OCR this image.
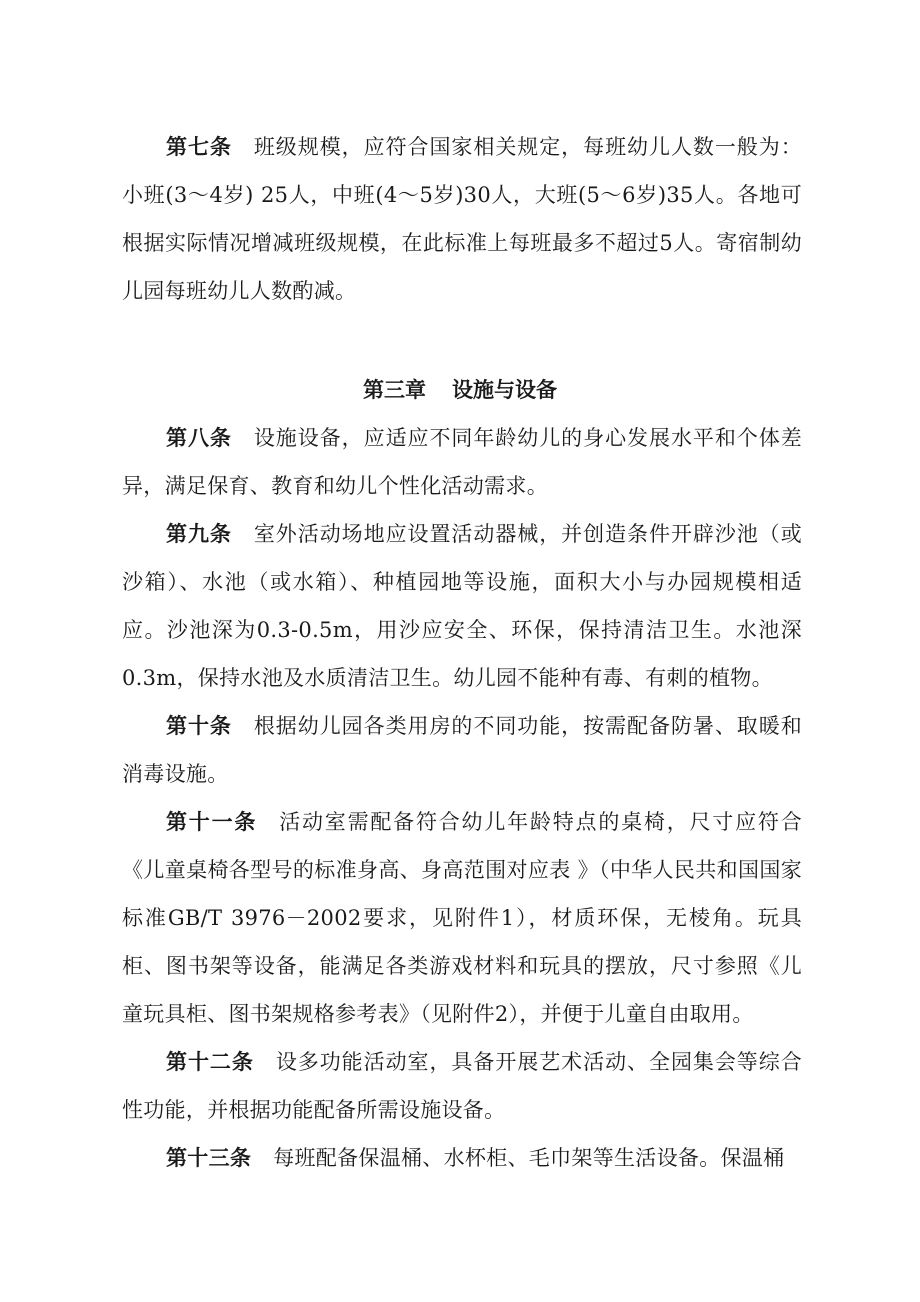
第七条 班级规模，应符合国家相关规定，每班幼儿人数一般为：小班(3～4岁) 25人，中班(4～5岁)30人，大班(5～6岁)35人。各地可根据实际情况增减班级规模，在此标准上每班最多不超过5人。寄宿制幼儿园每班幼儿人数酌减。

第三章 设施与设备

第八条 设施设备，应适应不同年龄幼儿的身心发展水平和个体差异，满足保育、教育和幼儿个性化活动需求。

第九条 室外活动场地应设置活动器械，并创造条件开辟沙池（或沙箱）、水池（或水箱）、种植园地等设施，面积大小与办园规模相适应。沙池深为0.3-0.5m，用沙应安全、环保，保持清洁卫生。水池深0.3m，保持水池及水质清洁卫生。幼儿园不能种有毒、有刺的植物。

第十条 根据幼儿园各类用房的不同功能，按需配备防暑、取暖和消毒设施。

第十一条 活动室需配备符合幼儿年龄特点的桌椅，尺寸应符合《儿童桌椅各型号的标准身高、身高范围对应表 》（中华人民共和国国家标准GB/T 3976－2002要求，见附件1），材质环保，无棱角。玩具柜、图书架等设备，能满足各类游戏材料和玩具的摆放，尺寸参照《儿童玩具柜、图书架规格参考表》（见附件2），并便于儿童自由取用。

第十二条 设多功能活动室，具备开展艺术活动、全园集会等综合性功能，并根据功能配备所需设施设备。

第十三条 每班配备保温桶、水杯柜、毛巾架等生活设备。保温桶
